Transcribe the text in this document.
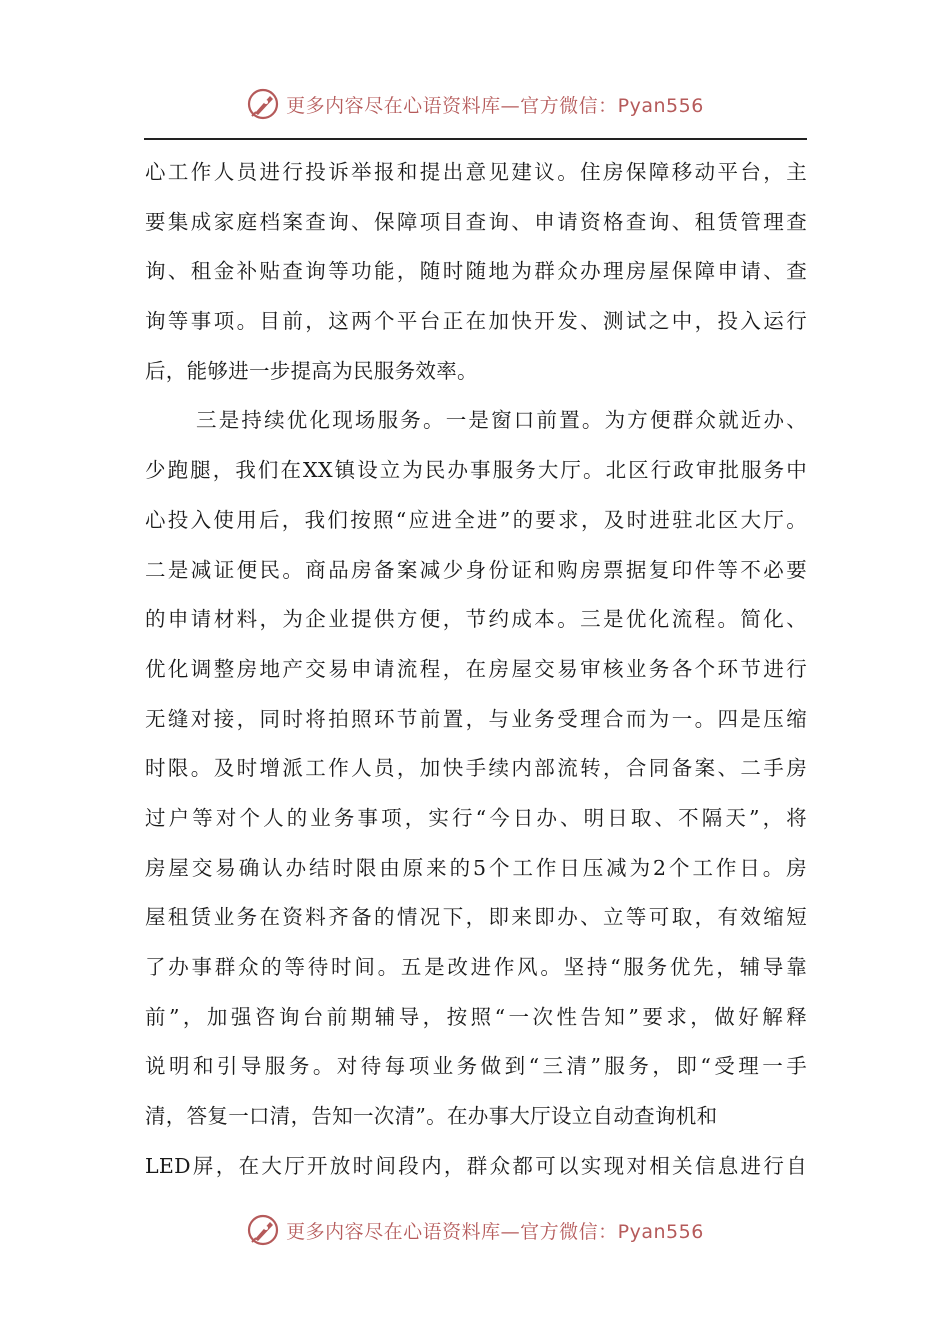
更多内容尽在心语资料库— 官方微信：Pyan556
心工作人员进行投诉举报和提出意见建议。住房保障移动平台，主
要集成家庭档案查询、保障项目查询、申请资格查询、租赁管理查
询、租金补贴查询等功能，随时随地为群众办理房屋保障申请、查
询等事项。目前，这两个平台正在加快开发、测试之中，投入运行
后，能够进一步提高为民服务效率。
三是持续优化现场服务。一是窗口前置。为方便群众就近办、
少跑腿，我们在XX镇设立为民办事服务大厅。北区行政审批服务中
心投入使用后，我们按照“应进全进”的要求，及时进驻北区大厅。
二是减证便民。商品房备案减少身份证和购房票据复印件等不必要
的申请材料，为企业提供方便，节约成本。三是优化流程。简化、
优化调整房地产交易申请流程，在房屋交易审核业务各个环节进行
无缝对接，同时将拍照环节前置，与业务受理合而为一。四是压缩
时限。及时增派工作人员，加快手续内部流转，合同备案、二手房
过户等对个人的业务事项，实行“今日办、明日取、不隔天”，将
房屋交易确认办结时限由原来的5个工作日压减为2个工作日。房
屋租赁业务在资料齐备的情况下，即来即办、立等可取，有效缩短
了办事群众的等待时间。五是改进作风。坚持“服务优先，辅导靠
前”，加强咨询台前期辅导，按照“一次性告知”要求，做好解释
说明和引导服务。对待每项业务做到“三清”服务，即“受理一手
清，答复一口清，告知一次清”。在办事大厅设立自动查询机和
LED屏，在大厅开放时间段内，群众都可以实现对相关信息进行自
更多内容尽在心语资料库— 官方微信：Pyan556
